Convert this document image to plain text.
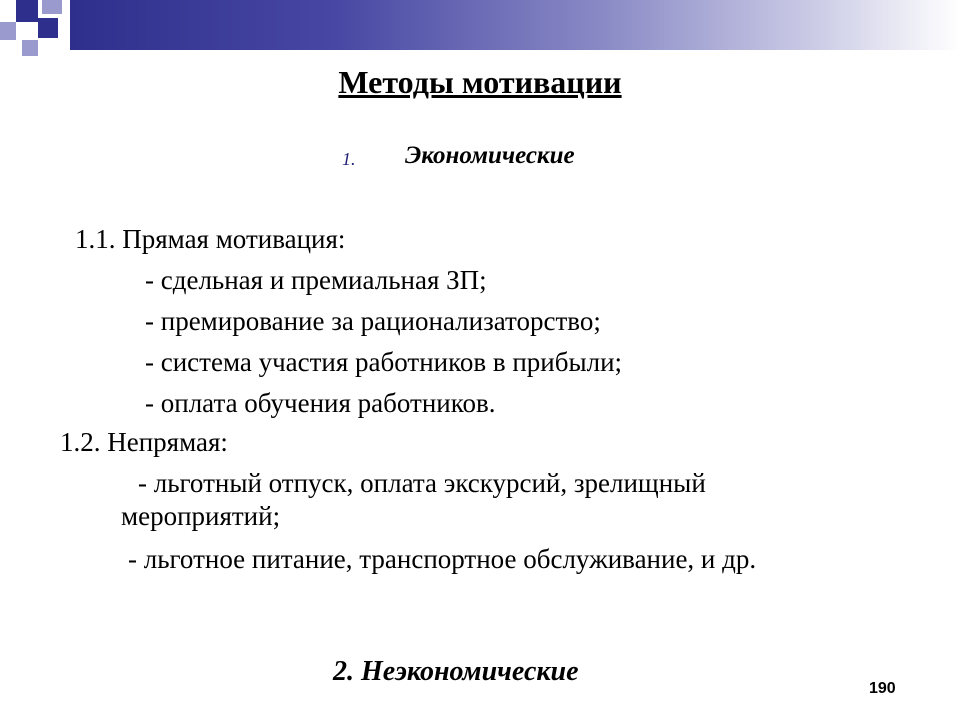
Методы мотивации
1. Экономические
1.1. Прямая мотивация:
- сдельная и премиальная ЗП;
- премирование за рационализаторство;
- система участия работников в прибыли;
- оплата обучения работников.
1.2. Непрямая:
- льготный отпуск, оплата экскурсий, зрелищный мероприятий;
- льготное питание, транспортное обслуживание, и др.
2. Неэкономические
190
